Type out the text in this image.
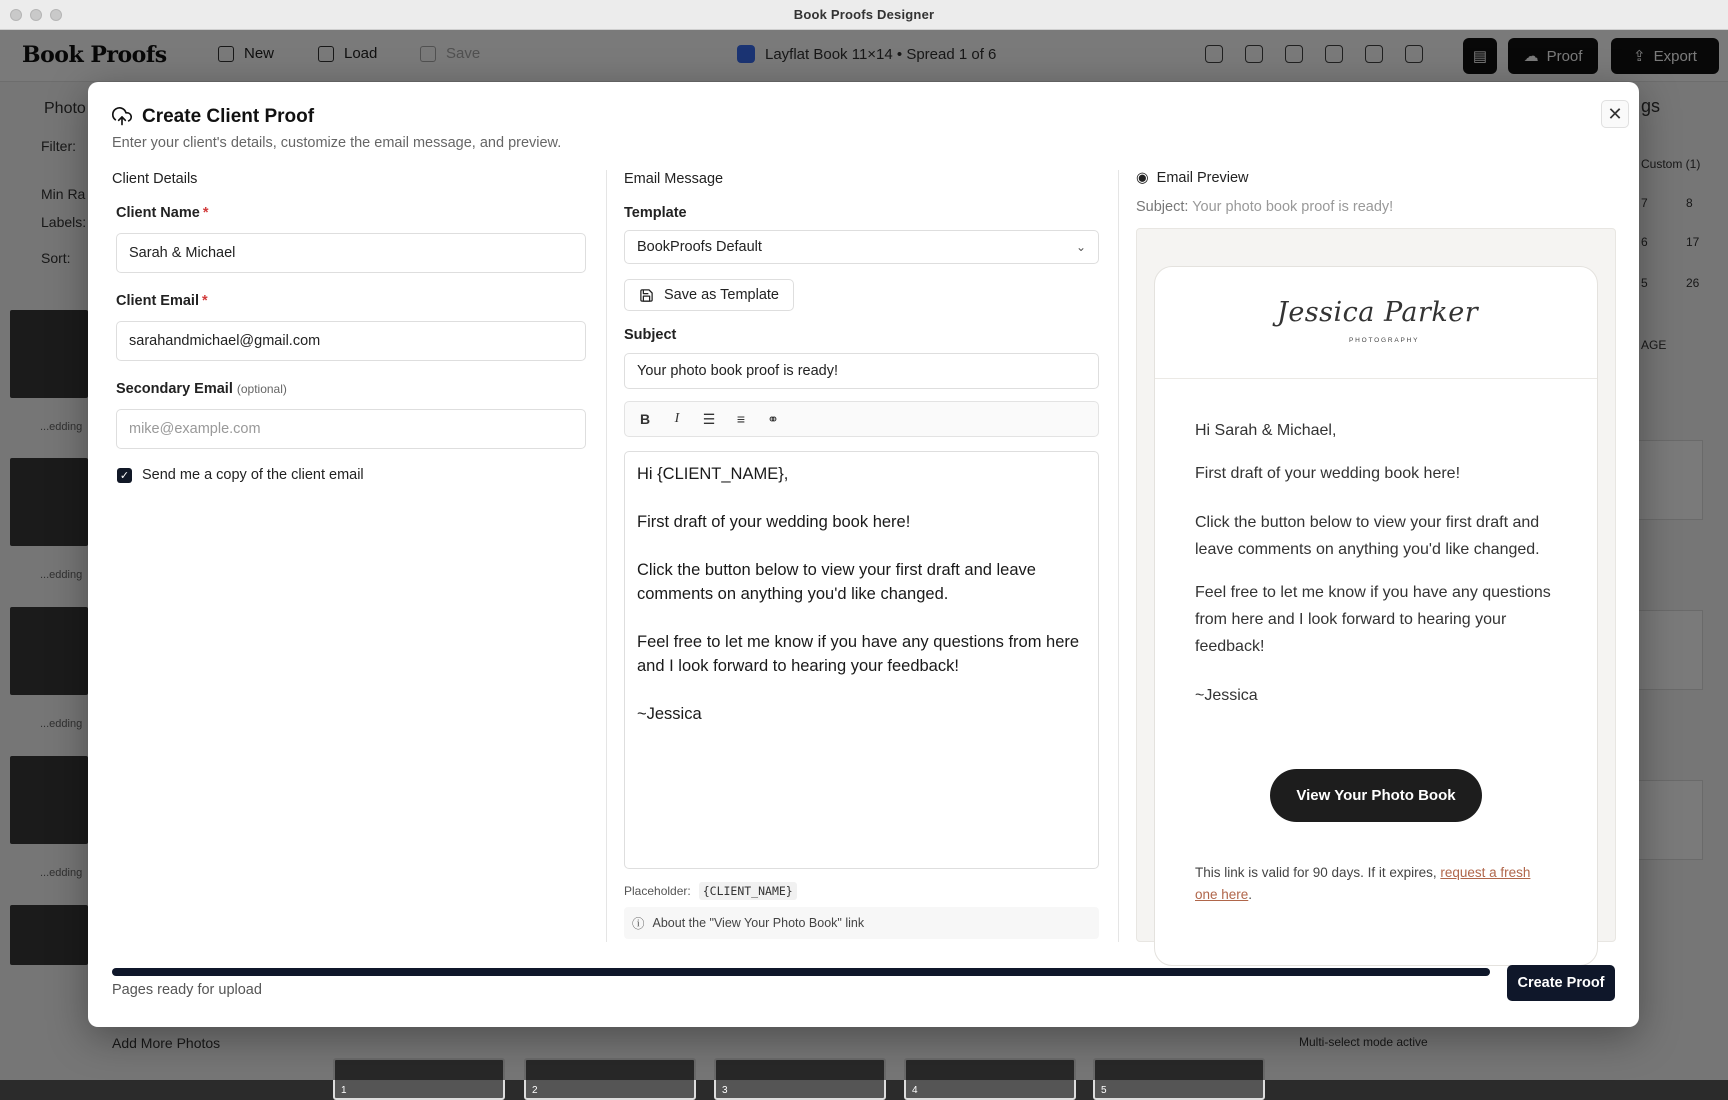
Book Proofs Designer
1	2	3	4	5
Create Client Proof
Enter your client's details, customize the email message, and preview.
✕
Client Details
Client Name *
Sarah & Michael
Client Email *
sarahandmichael@gmail.com
Secondary Email (optional)
mike@example.com
✓ Send me a copy of the client email
Email Message
Template
BookProofs Default	⌄
Save as Template
Subject
Your photo book proof is ready!
B	I	☰ ≡ ⚭

Hi {CLIENT_NAME},

First draft of your wedding book here!

Click the button below to view your first draft and leave comments on anything you'd like changed.

Feel free to let me know if you have any questions from here and I look forward to hearing your feedback!

~Jessica

Placeholder:	{CLIENT_NAME}
ⓘ About the "View Your Photo Book" link
◉ Email Preview
Subject: Your photo book proof is ready!
Jessica Parker
PHOTOGRAPHY

Hi Sarah & Michael,

First draft of your wedding book here!

Click the button below to view your first draft and leave comments on anything you'd like changed.

Feel free to let me know if you have any questions from here and I look forward to hearing your feedback!

~Jessica

View Your Photo Book
This link is valid for 90 days. If it expires, request a fresh one here.
Pages ready for upload	Create Proof
